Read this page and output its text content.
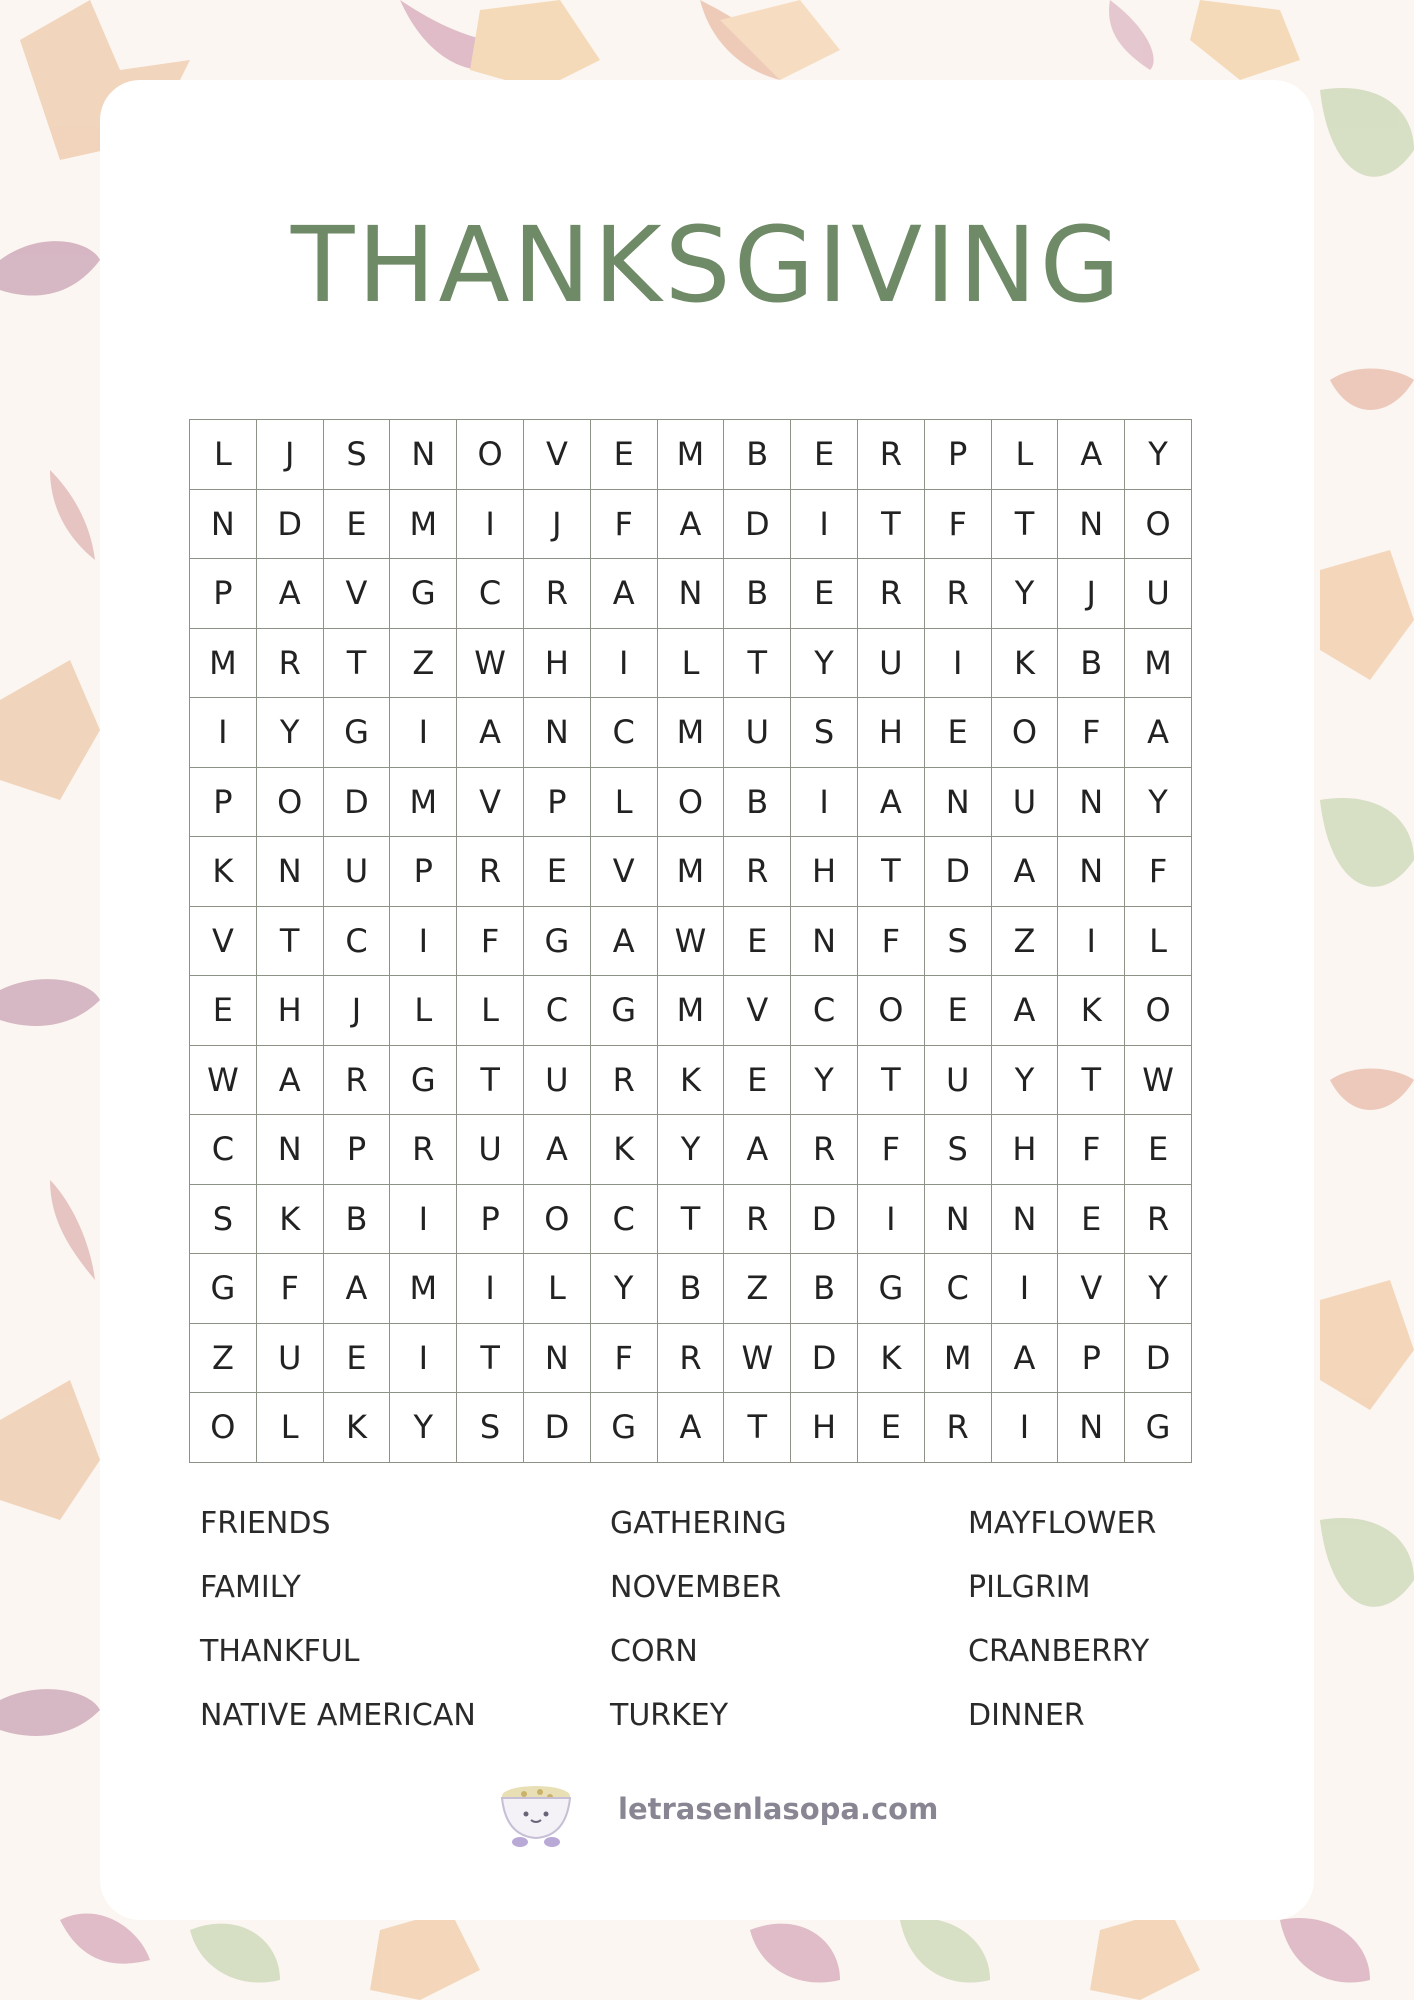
THANKSGIVING
L	J	S	N	O	V	E	M	B	E	R	P	L	A	Y
N	D	E	M	I	J	F	A	D	I	T	F	T	N	O
P	A	V	G	C	R	A	N	B	E	R	R	Y	J	U
M	R	T	Z	W	H	I	L	T	Y	U	I	K	B	M
I	Y	G	I	A	N	C	M	U	S	H	E	O	F	A
P	O	D	M	V	P	L	O	B	I	A	N	U	N	Y
K	N	U	P	R	E	V	M	R	H	T	D	A	N	F
V	T	C	I	F	G	A	W	E	N	F	S	Z	I	L
E	H	J	L	L	C	G	M	V	C	O	E	A	K	O
W	A	R	G	T	U	R	K	E	Y	T	U	Y	T	W
C	N	P	R	U	A	K	Y	A	R	F	S	H	F	E
S	K	B	I	P	O	C	T	R	D	I	N	N	E	R
G	F	A	M	I	L	Y	B	Z	B	G	C	I	V	Y
Z	U	E	I	T	N	F	R	W	D	K	M	A	P	D
O	L	K	Y	S	D	G	A	T	H	E	R	I	N	G
FRIENDS
FAMILY
THANKFUL
NATIVE AMERICAN
GATHERING
NOVEMBER
CORN
TURKEY
MAYFLOWER
PILGRIM
CRANBERRY
DINNER
letrasenlasopa.com
